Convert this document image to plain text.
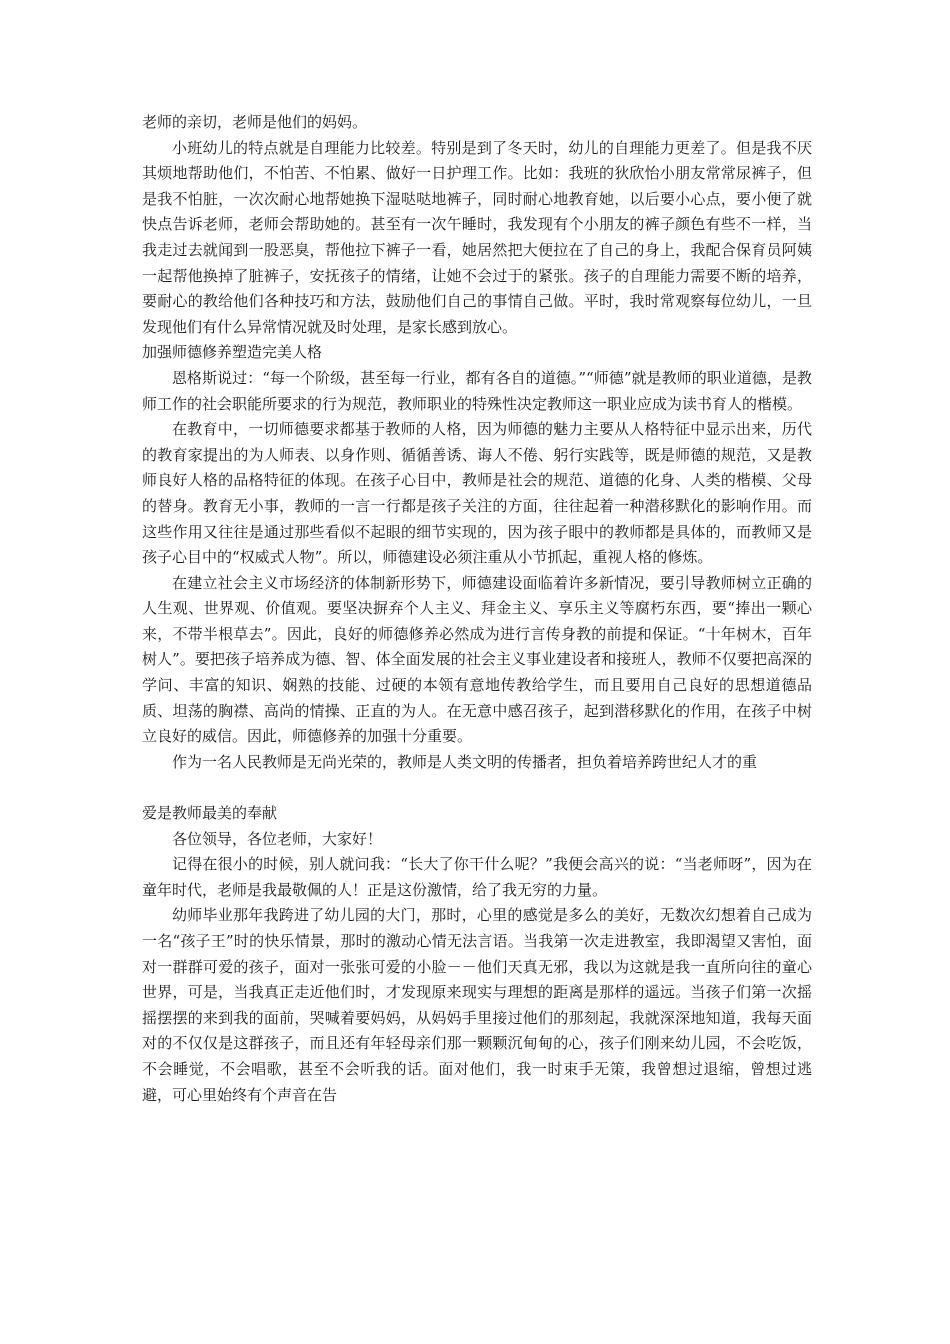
老师的亲切，老师是他们的妈妈。

小班幼儿的特点就是自理能力比较差。特别是到了冬天时，幼儿的自理能力更差了。但是我不厌其烦地帮助他们，不怕苦、不怕累、做好一日护理工作。比如：我班的狄欣怡小朋友常常尿裤子，但是我不怕脏，一次次耐心地帮她换下湿哒哒地裤子，同时耐心地教育她，以后要小心点，要小便了就快点告诉老师，老师会帮助她的。甚至有一次午睡时，我发现有个小朋友的裤子颜色有些不一样，当我走过去就闻到一股恶臭，帮他拉下裤子一看，她居然把大便拉在了自己的身上，我配合保育员阿姨一起帮他换掉了脏裤子，安抚孩子的情绪，让她不会过于的紧张。孩子的自理能力需要不断的培养，要耐心的教给他们各种技巧和方法，鼓励他们自己的事情自己做。平时，我时常观察每位幼儿，一旦发现他们有什么异常情况就及时处理，是家长感到放心。

加强师德修养塑造完美人格

恩格斯说过：“每一个阶级，甚至每一行业，都有各自的道德。”“师德”就是教师的职业道德，是教师工作的社会职能所要求的行为规范，教师职业的特殊性决定教师这一职业应成为读书育人的楷模。

在教育中，一切师德要求都基于教师的人格，因为师德的魅力主要从人格特征中显示出来，历代的教育家提出的为人师表、以身作则、循循善诱、诲人不倦、躬行实践等，既是师德的规范，又是教师良好人格的品格特征的体现。在孩子心目中，教师是社会的规范、道德的化身、人类的楷模、父母的替身。教育无小事，教师的一言一行都是孩子关注的方面，往往起着一种潜移默化的影响作用。而这些作用又往往是通过那些看似不起眼的细节实现的，因为孩子眼中的教师都是具体的，而教师又是孩子心目中的“权威式人物”。所以，师德建设必须注重从小节抓起，重视人格的修炼。

在建立社会主义市场经济的体制新形势下，师德建设面临着许多新情况，要引导教师树立正确的人生观、世界观、价值观。要坚决摒弃个人主义、拜金主义、享乐主义等腐朽东西，要“捧出一颗心来，不带半根草去”。因此，良好的师德修养必然成为进行言传身教的前提和保证。“十年树木，百年树人”。要把孩子培养成为德、智、体全面发展的社会主义事业建设者和接班人，教师不仅要把高深的学问、丰富的知识、娴熟的技能、过硬的本领有意地传教给学生，而且要用自己良好的思想道德品质、坦荡的胸襟、高尚的情操、正直的为人。在无意中感召孩子，起到潜移默化的作用，在孩子中树立良好的威信。因此，师德修养的加强十分重要。

作为一名人民教师是无尚光荣的，教师是人类文明的传播者，担负着培养跨世纪人才的重

爱是教师最美的奉献

各位领导，各位老师，大家好！

记得在很小的时候，别人就问我：“长大了你干什么呢？”我便会高兴的说：“当老师呀”，因为在童年时代，老师是我最敬佩的人！正是这份激情，给了我无穷的力量。

幼师毕业那年我跨进了幼儿园的大门，那时，心里的感觉是多么的美好，无数次幻想着自己成为一名“孩子王”时的快乐情景，那时的激动心情无法言语。当我第一次走进教室，我即渴望又害怕，面对一群群可爱的孩子，面对一张张可爱的小脸－－他们天真无邪，我以为这就是我一直所向往的童心世界，可是，当我真正走近他们时，才发现原来现实与理想的距离是那样的遥远。当孩子们第一次摇摇摆摆的来到我的面前，哭喊着要妈妈，从妈妈手里接过他们的那刻起，我就深深地知道，我每天面对的不仅仅是这群孩子，而且还有年轻母亲们那一颗颗沉甸甸的心，孩子们刚来幼儿园，不会吃饭，不会睡觉，不会唱歌，甚至不会听我的话。面对他们，我一时束手无策，我曾想过退缩，曾想过逃避，可心里始终有个声音在告
